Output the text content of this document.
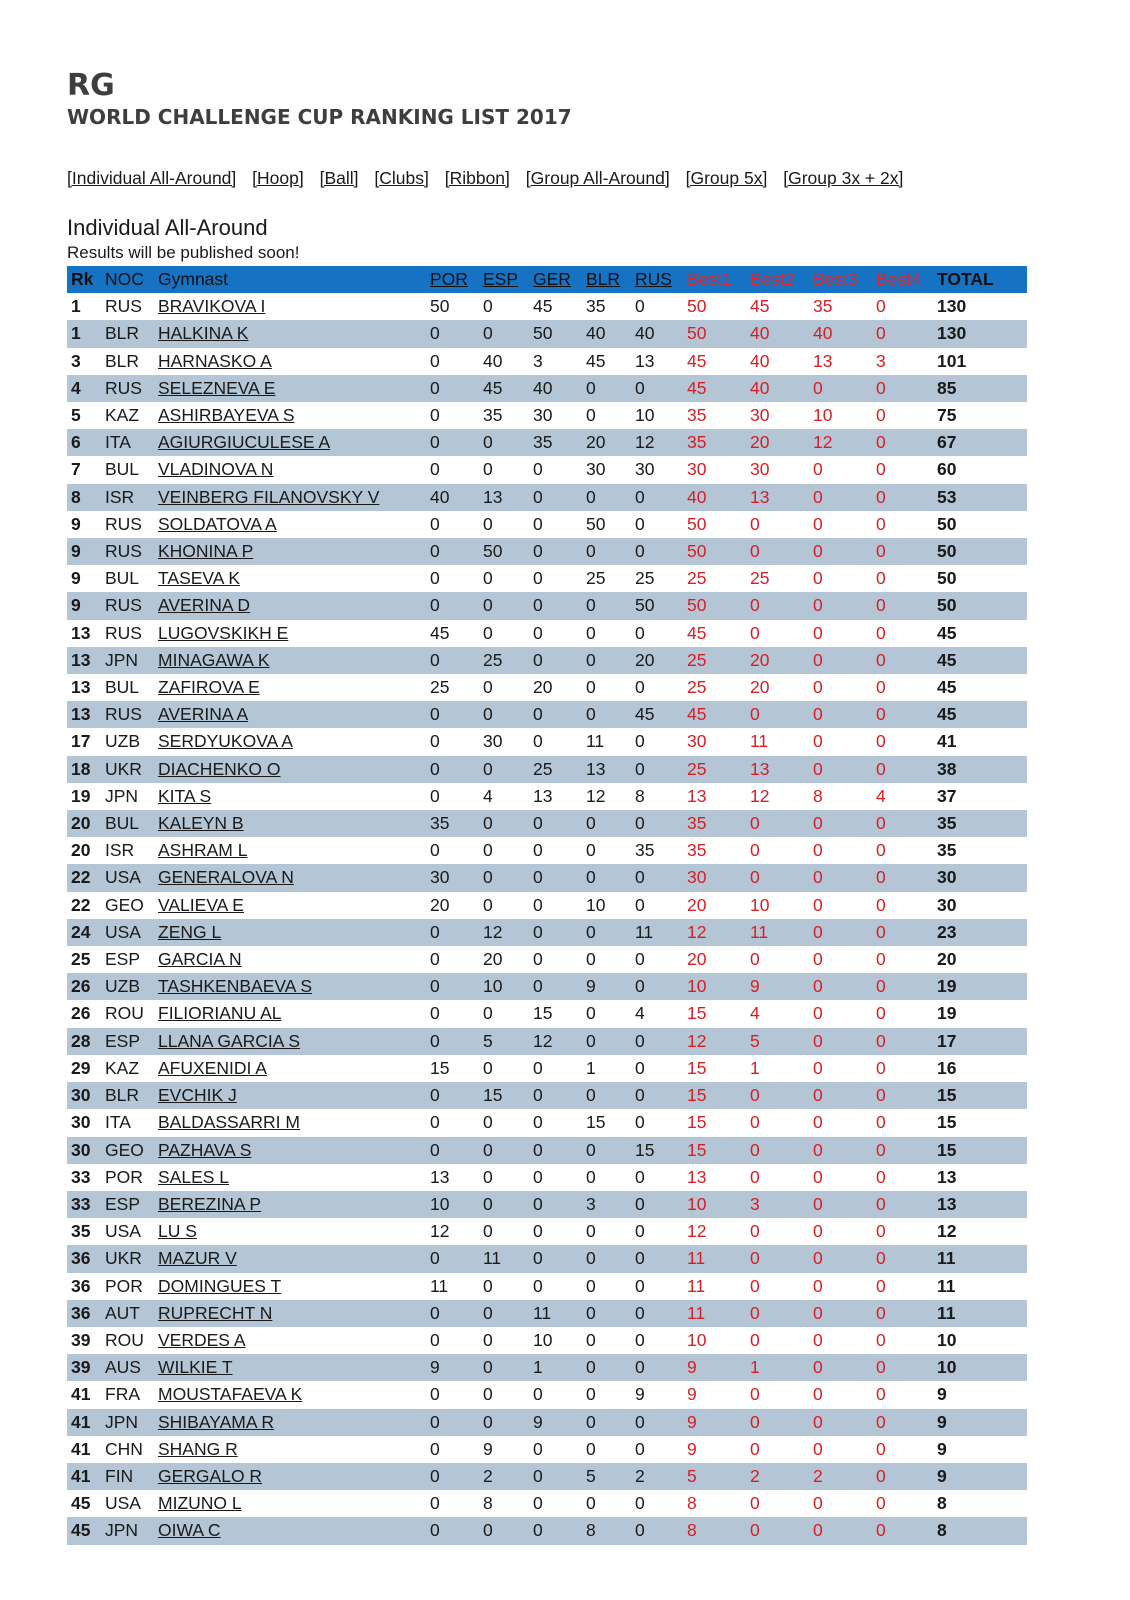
RG
WORLD CHALLENGE CUP RANKING LIST 2017
[Individual All-Around] [Hoop] [Ball] [Clubs] [Ribbon] [Group All-Around] [Group 5x] [Group 3x + 2x]
Individual All-Around
Results will be published soon!
Rk	NOC	Gymnast	POR	ESP	GER	BLR	RUS	Best1	Best2	Best3	Best4	TOTAL
1	RUS	BRAVIKOVA I	50	0	45	35	0	50	45	35	0	130
1	BLR	HALKINA K	0	0	50	40	40	50	40	40	0	130
3	BLR	HARNASKO A	0	40	3	45	13	45	40	13	3	101
4	RUS	SELEZNEVA E	0	45	40	0	0	45	40	0	0	85
5	KAZ	ASHIRBAYEVA S	0	35	30	0	10	35	30	10	0	75
6	ITA	AGIURGIUCULESE A	0	0	35	20	12	35	20	12	0	67
7	BUL	VLADINOVA N	0	0	0	30	30	30	30	0	0	60
8	ISR	VEINBERG FILANOVSKY V	40	13	0	0	0	40	13	0	0	53
9	RUS	SOLDATOVA A	0	0	0	50	0	50	0	0	0	50
9	RUS	KHONINA P	0	50	0	0	0	50	0	0	0	50
9	BUL	TASEVA K	0	0	0	25	25	25	25	0	0	50
9	RUS	AVERINA D	0	0	0	0	50	50	0	0	0	50
13	RUS	LUGOVSKIKH E	45	0	0	0	0	45	0	0	0	45
13	JPN	MINAGAWA K	0	25	0	0	20	25	20	0	0	45
13	BUL	ZAFIROVA E	25	0	20	0	0	25	20	0	0	45
13	RUS	AVERINA A	0	0	0	0	45	45	0	0	0	45
17	UZB	SERDYUKOVA A	0	30	0	11	0	30	11	0	0	41
18	UKR	DIACHENKO O	0	0	25	13	0	25	13	0	0	38
19	JPN	KITA S	0	4	13	12	8	13	12	8	4	37
20	BUL	KALEYN B	35	0	0	0	0	35	0	0	0	35
20	ISR	ASHRAM L	0	0	0	0	35	35	0	0	0	35
22	USA	GENERALOVA N	30	0	0	0	0	30	0	0	0	30
22	GEO	VALIEVA E	20	0	0	10	0	20	10	0	0	30
24	USA	ZENG L	0	12	0	0	11	12	11	0	0	23
25	ESP	GARCIA N	0	20	0	0	0	20	0	0	0	20
26	UZB	TASHKENBAEVA S	0	10	0	9	0	10	9	0	0	19
26	ROU	FILIORIANU AL	0	0	15	0	4	15	4	0	0	19
28	ESP	LLANA GARCIA S	0	5	12	0	0	12	5	0	0	17
29	KAZ	AFUXENIDI A	15	0	0	1	0	15	1	0	0	16
30	BLR	EVCHIK J	0	15	0	0	0	15	0	0	0	15
30	ITA	BALDASSARRI M	0	0	0	15	0	15	0	0	0	15
30	GEO	PAZHAVA S	0	0	0	0	15	15	0	0	0	15
33	POR	SALES L	13	0	0	0	0	13	0	0	0	13
33	ESP	BEREZINA P	10	0	0	3	0	10	3	0	0	13
35	USA	LU S	12	0	0	0	0	12	0	0	0	12
36	UKR	MAZUR V	0	11	0	0	0	11	0	0	0	11
36	POR	DOMINGUES T	11	0	0	0	0	11	0	0	0	11
36	AUT	RUPRECHT N	0	0	11	0	0	11	0	0	0	11
39	ROU	VERDES A	0	0	10	0	0	10	0	0	0	10
39	AUS	WILKIE T	9	0	1	0	0	9	1	0	0	10
41	FRA	MOUSTAFAEVA K	0	0	0	0	9	9	0	0	0	9
41	JPN	SHIBAYAMA R	0	0	9	0	0	9	0	0	0	9
41	CHN	SHANG R	0	9	0	0	0	9	0	0	0	9
41	FIN	GERGALO R	0	2	0	5	2	5	2	2	0	9
45	USA	MIZUNO L	0	8	0	0	0	8	0	0	0	8
45	JPN	OIWA C	0	0	0	8	0	8	0	0	0	8
